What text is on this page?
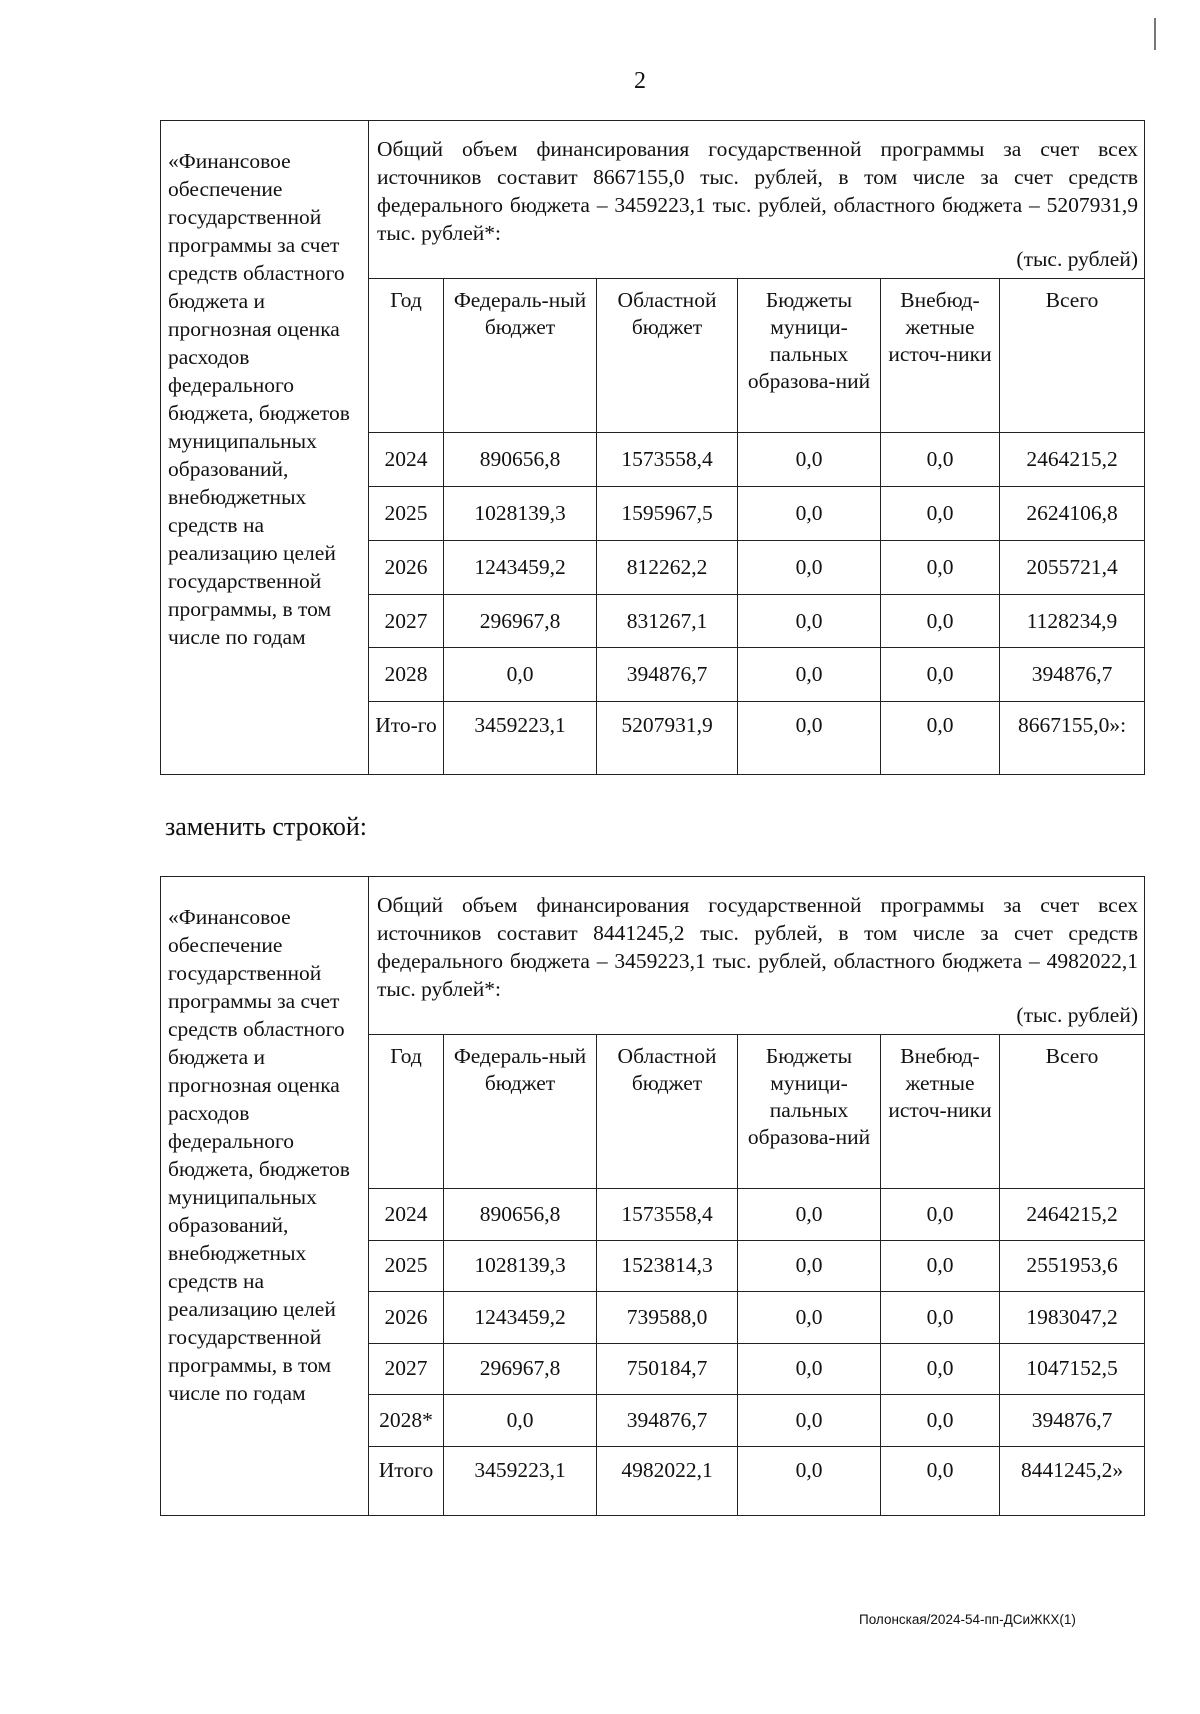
2
«Финансовое обеспечение государственной программы за счет средств областного бюджета и прогнозная оценка расходов федерального бюджета, бюджетов муниципальных образований, внебюджетных средств на реализацию целей государственной программы, в том числе по годам
Общий объем финансирования государственной программы за счет всех источников составит 8667155,0 тыс. рублей, в том числе за счет средств федерального бюджета – 3459223,1 тыс. рублей, областного бюджета – 5207931,9 тыс. рублей*:
(тыс. рублей)
Год	Федераль-ный бюджет	Областной бюджет	Бюджеты муници-пальных образова-ний	Внебюд-жетные источ-ники	Всего
2024	890656,8	1573558,4	0,0	0,0	2464215,2
2025	1028139,3	1595967,5	0,0	0,0	2624106,8
2026	1243459,2	812262,2	0,0	0,0	2055721,4
2027	296967,8	831267,1	0,0	0,0	1128234,9
2028	0,0	394876,7	0,0	0,0	394876,7
Ито-го	3459223,1	5207931,9	0,0	0,0	8667155,0»:
заменить строкой:
«Финансовое обеспечение государственной программы за счет средств областного бюджета и прогнозная оценка расходов федерального бюджета, бюджетов муниципальных образований, внебюджетных средств на реализацию целей государственной программы, в том числе по годам
Общий объем финансирования государственной программы за счет всех источников составит 8441245,2 тыс. рублей, в том числе за счет средств федерального бюджета – 3459223,1 тыс. рублей, областного бюджета – 4982022,1 тыс. рублей*:
(тыс. рублей)
Год	Федераль-ный бюджет	Областной бюджет	Бюджеты муници-пальных образова-ний	Внебюд-жетные источ-ники	Всего
2024	890656,8	1573558,4	0,0	0,0	2464215,2
2025	1028139,3	1523814,3	0,0	0,0	2551953,6
2026	1243459,2	739588,0	0,0	0,0	1983047,2
2027	296967,8	750184,7	0,0	0,0	1047152,5
2028*	0,0	394876,7	0,0	0,0	394876,7
Итого	3459223,1	4982022,1	0,0	0,0	8441245,2»
Полонская/2024-54-пп-ДСиЖКХ(1)
